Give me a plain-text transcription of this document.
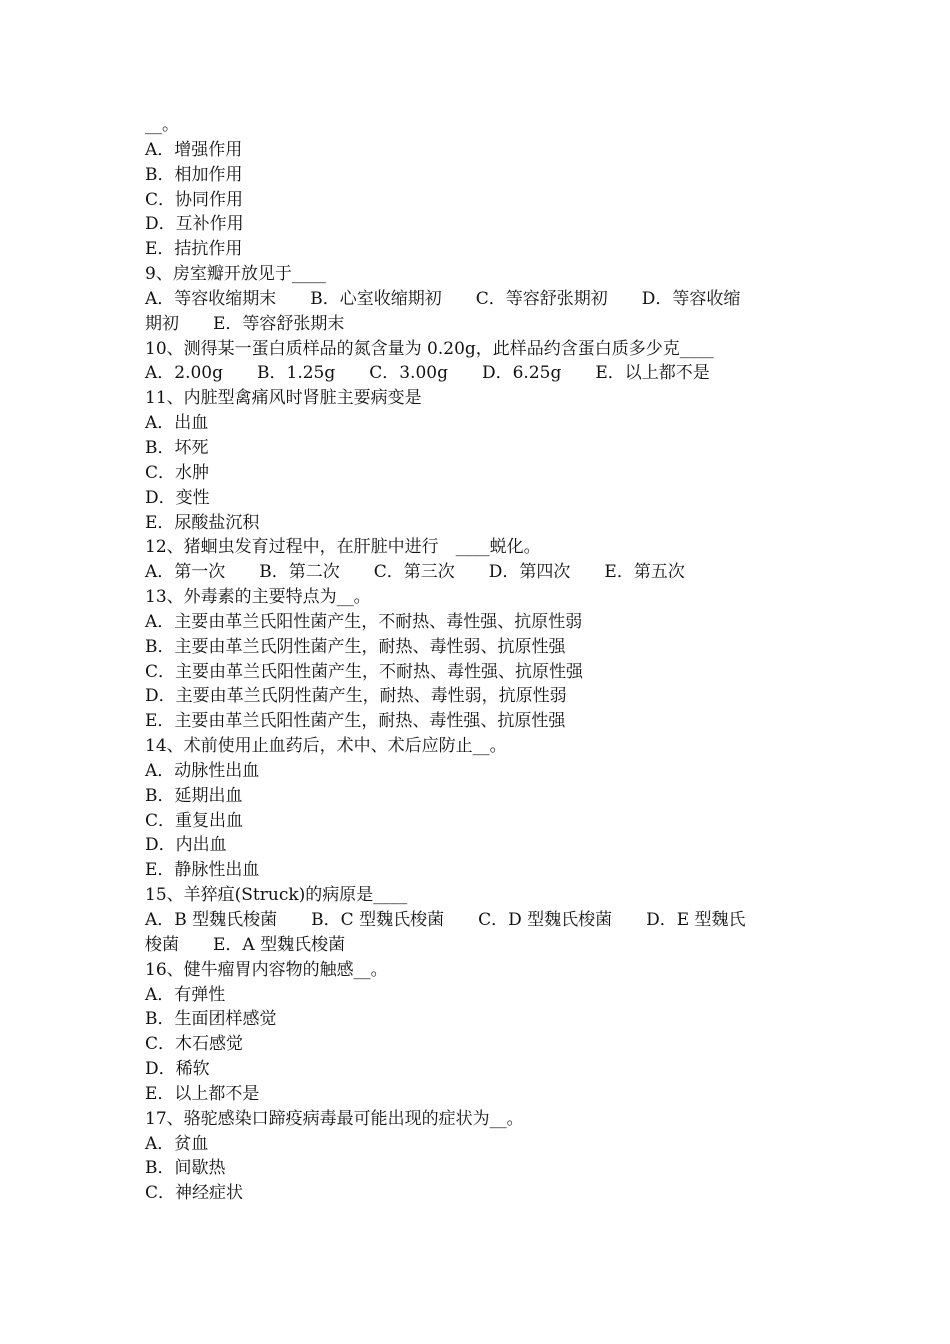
__。
A．增强作用
B．相加作用
C．协同作用
D．互补作用
E．拮抗作用
9、房室瓣开放见于____
A．等容收缩期末　　B．心室收缩期初　　C．等容舒张期初　　D．等容收缩
期初　　E．等容舒张期末
10、测得某一蛋白质样品的氮含量为 0.20g，此样品约含蛋白质多少克____
A．2.00g　　B．1.25g　　C．3.00g　　D．6.25g　　E．以上都不是
11、内脏型禽痛风时肾脏主要病变是
A．出血
B．坏死
C．水肿
D．变性
E．尿酸盐沉积
12、猪蛔虫发育过程中，在肝脏中进行　____蜕化。
A．第一次　　B．第二次　　C．第三次　　D．第四次　　E．第五次
13、外毒素的主要特点为__。
A．主要由革兰氏阳性菌产生，不耐热、毒性强、抗原性弱
B．主要由革兰氏阴性菌产生，耐热、毒性弱、抗原性强
C．主要由革兰氏阳性菌产生，不耐热、毒性强、抗原性强
D．主要由革兰氏阴性菌产生，耐热、毒性弱，抗原性弱
E．主要由革兰氏阳性菌产生，耐热、毒性强、抗原性强
14、术前使用止血药后，术中、术后应防止__。
A．动脉性出血
B．延期出血
C．重复出血
D．内出血
E．静脉性出血
15、羊猝疽(Struck)的病原是____
A．B 型魏氏梭菌　　B．C 型魏氏梭菌　　C．D 型魏氏梭菌　　D．E 型魏氏
梭菌　　E．A 型魏氏梭菌
16、健牛瘤胃内容物的触感__。
A．有弹性
B．生面团样感觉
C．木石感觉
D．稀软
E．以上都不是
17、骆驼感染口蹄疫病毒最可能出现的症状为__。
A．贫血
B．间歇热
C．神经症状
